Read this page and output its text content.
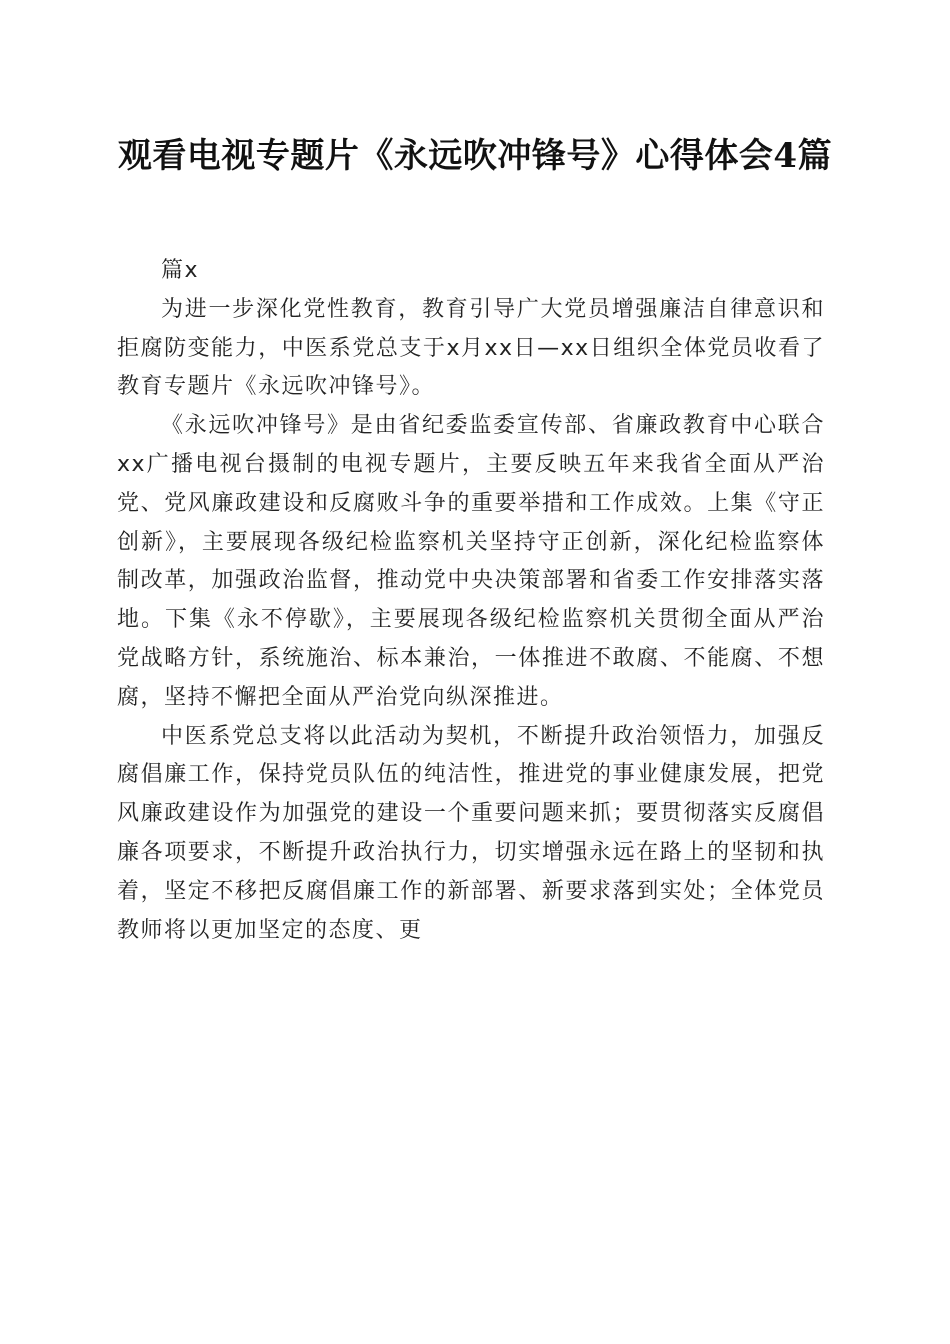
观看电视专题片《永远吹冲锋号》心得体会4篇

篇x

为进一步深化党性教育，教育引导广大党员增强廉洁自律意识和拒腐防变能力，中医系党总支于x月xx日—xx日组织全体党员收看了教育专题片《永远吹冲锋号》。

《永远吹冲锋号》是由省纪委监委宣传部、省廉政教育中心联合xx广播电视台摄制的电视专题片，主要反映五年来我省全面从严治党、党风廉政建设和反腐败斗争的重要举措和工作成效。上集《守正创新》，主要展现各级纪检监察机关坚持守正创新，深化纪检监察体制改革，加强政治监督，推动党中央决策部署和省委工作安排落实落地。下集《永不停歇》，主要展现各级纪检监察机关贯彻全面从严治党战略方针，系统施治、标本兼治，一体推进不敢腐、不能腐、不想腐，坚持不懈把全面从严治党向纵深推进。

中医系党总支将以此活动为契机，不断提升政治领悟力，加强反腐倡廉工作，保持党员队伍的纯洁性，推进党的事业健康发展，把党风廉政建设作为加强党的建设一个重要问题来抓；要贯彻落实反腐倡廉各项要求，不断提升政治执行力，切实增强永远在路上的坚韧和执着，坚定不移把反腐倡廉工作的新部署、新要求落到实处；全体党员教师将以更加坚定的态度、更
